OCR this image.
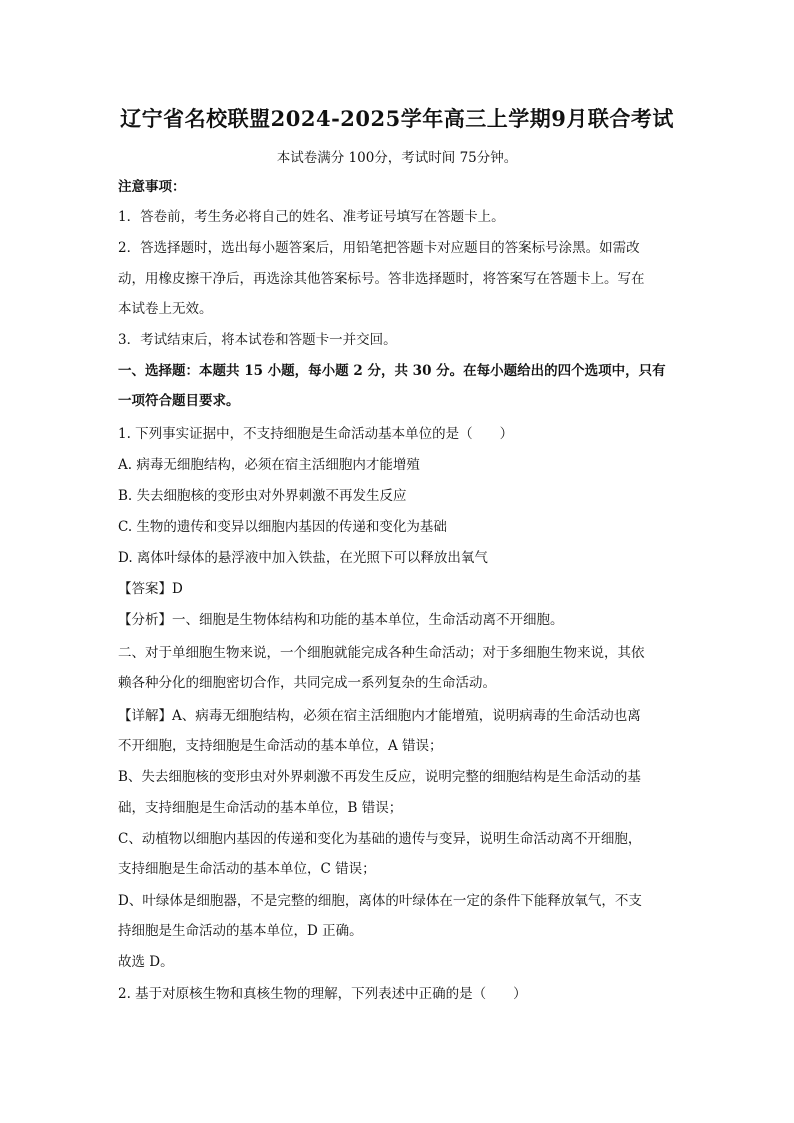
辽宁省名校联盟2024-2025学年高三上学期9月联合考试
本试卷满分 100分，考试时间 75分钟。
注意事项：
1．答卷前，考生务必将自己的姓名、准考证号填写在答题卡上。
2．答选择题时，选出每小题答案后，用铅笔把答题卡对应题目的答案标号涂黑。如需改
动，用橡皮擦干净后，再选涂其他答案标号。答非选择题时，将答案写在答题卡上。写在
本试卷上无效。
3．考试结束后，将本试卷和答题卡一并交回。
一、选择题：本题共 15 小题，每小题 2 分，共 30 分。在每小题给出的四个选项中，只有
一项符合题目要求。
1. 下列事实证据中，不支持细胞是生命活动基本单位的是（　　）
A. 病毒无细胞结构，必须在宿主活细胞内才能增殖
B. 失去细胞核的变形虫对外界刺激不再发生反应
C. 生物的遗传和变异以细胞内基因的传递和变化为基础
D. 离体叶绿体的悬浮液中加入铁盐，在光照下可以释放出氧气
【答案】D
【分析】一、细胞是生物体结构和功能的基本单位，生命活动离不开细胞。
二、对于单细胞生物来说，一个细胞就能完成各种生命活动；对于多细胞生物来说，其依
赖各种分化的细胞密切合作，共同完成一系列复杂的生命活动。
【详解】A、病毒无细胞结构，必须在宿主活细胞内才能增殖，说明病毒的生命活动也离
不开细胞，支持细胞是生命活动的基本单位，A 错误；
B、失去细胞核的变形虫对外界刺激不再发生反应，说明完整的细胞结构是生命活动的基
础，支持细胞是生命活动的基本单位，B 错误；
C、动植物以细胞内基因的传递和变化为基础的遗传与变异，说明生命活动离不开细胞，
支持细胞是生命活动的基本单位，C 错误；
D、叶绿体是细胞器，不是完整的细胞，离体的叶绿体在一定的条件下能释放氧气，不支
持细胞是生命活动的基本单位，D 正确。
故选 D。
2. 基于对原核生物和真核生物的理解，下列表述中正确的是（　　）
